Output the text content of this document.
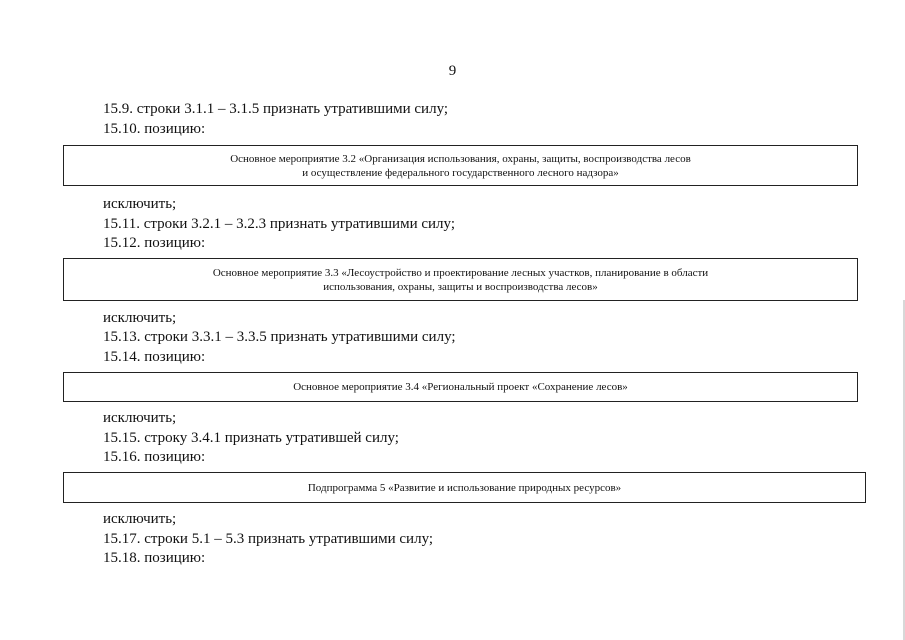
9
15.9. строки 3.1.1 – 3.1.5 признать утратившими силу;
15.10. позицию:
Основное мероприятие 3.2 «Организация использования, охраны, защиты, воспроизводства лесов
и осуществление федерального государственного лесного надзора»
исключить;
15.11. строки 3.2.1 – 3.2.3 признать утратившими силу;
15.12. позицию:
Основное мероприятие 3.3 «Лесоустройство и проектирование лесных участков, планирование в области
использования, охраны, защиты и воспроизводства лесов»
исключить;
15.13. строки 3.3.1 – 3.3.5 признать утратившими силу;
15.14. позицию:
Основное мероприятие 3.4 «Региональный проект «Сохранение лесов»
исключить;
15.15. строку 3.4.1 признать утратившей силу;
15.16. позицию:
Подпрограмма 5 «Развитие и использование природных ресурсов»
исключить;
15.17. строки 5.1 – 5.3 признать утратившими силу;
15.18. позицию:
